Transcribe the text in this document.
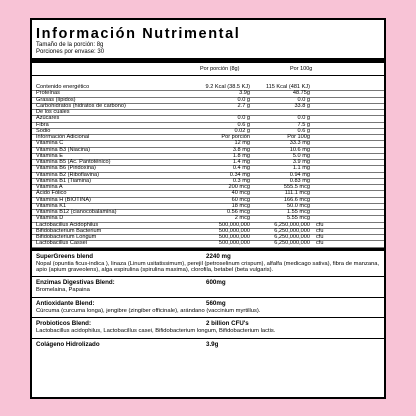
Información Nutrimental
Tamaño de la porción: 8g
Porciones por envase: 30
Por porción (8g)	Por 100g
Contenido energético	9.2 Kcal (38.5 KJ)	115 Kcal (481 KJ)
Proteínas	3.9g	48.75g
Grasas (lípidos)	0.0 g	0.0 g
Carbohidratos (hidratos de carbono)	2.7 g	33.8 g
De los cuales
Azúcares	0.0 g	0.0 g
Fibra	0.6 g	7.5 g
Sodio	0.02 g	0.6 g
Información Adicional	Por porción	Por 100g
Vitamina C	12 mg	33.3 mg
Vitamina B3 (Niacina)	3.8 mg	10.6 mg
Vitamina E	1.8 mg	5.0 mg
Vitamina B5 (Ac. Pantoténico)	1.4 mg	3.9 mg
Vitamina B6 (Piridoxina)	0.4 mg	1.1 mg
Vitamina B2 (Riboflavina)	0.34 mg	0.94 mg
Vitamina B1 (Tiamina)	0.3 mg	0.83 mg
Vitamina A	200 mcg	555.5 mcg
Ácido Fólico	40 mcg	111.1 mcg
Vitamina H (BIOTINA)	60 mcg	166.6 mcg
Vitamina K1	18 mcg	50.0 mcg
Vitamina B12 (cianocobalamina)	0.56 mcg	1.55 mcg
Vitamina D	2 mcg	5.55 mcg
Lactobacillus Acidophilus	500,000,000	6,250,000,000 cfu
Bifidobacterium Bacterium	500,000,000	6,250,000,000 cfu
Bifidobacterium Longum	500,000,000	6,250,000,000 cfu
Lactobacillus Cassei	500,000,000	6,250,000,000 cfu
SuperGreens blend	2240 mg
Nopal (opuntia ficus-indica ), linaza (Linum usitatissimum), perejil (petroselinum crispum), alfalfa (medicago sativa), fibra de manzana, apio (apium graveolens), alga espirulina (spirulina maxima), clorofila, betabel (beta vulgaris).
Enzimas Digestivas Blend:	600mg
Bromelaina, Papaina
Antioxidante Blend:	560mg
Cúrcuma (curcuma longa), jengibre (zingiber officinale), arándano (vaccinium myrtillus).
Probioticos Blend:	2 billion CFU's
Lactobacillus acidophilus, Lactobacillus casei, Bifidobacterium longum, Bifidobacterium lactis.
Colágeno Hidrolizado	3.9g
